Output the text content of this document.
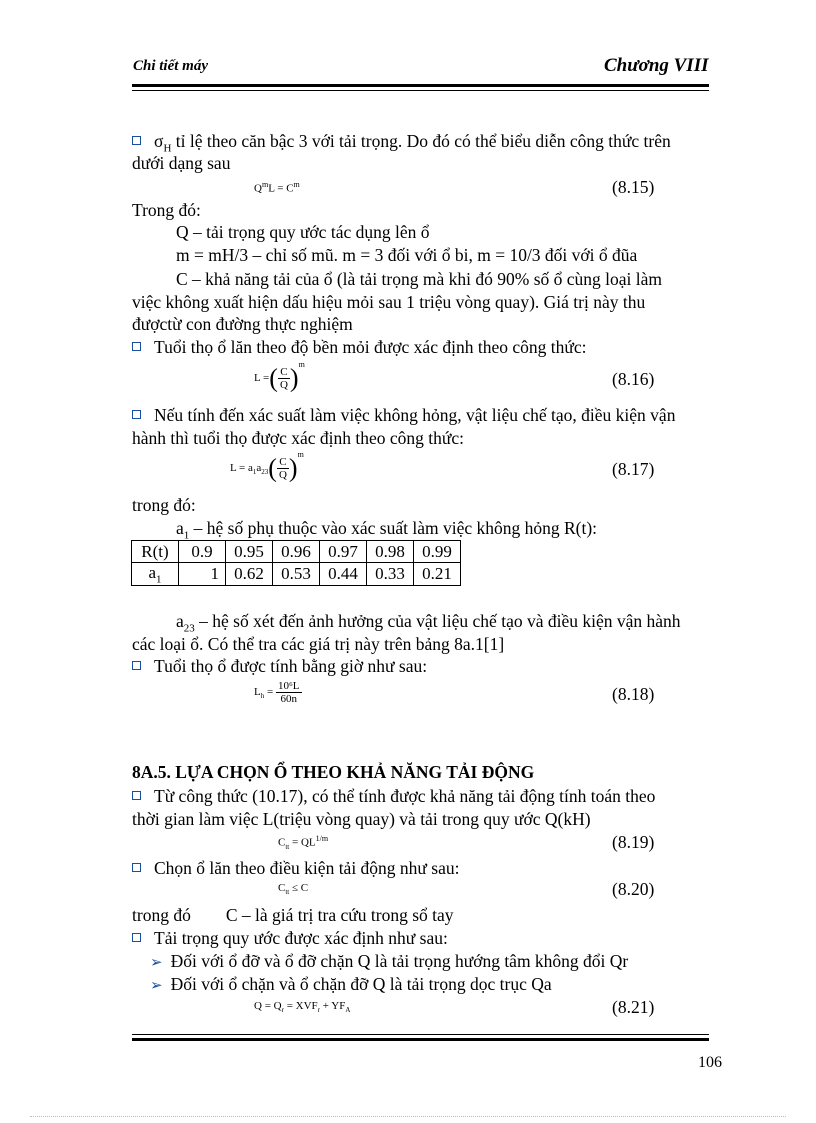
Chi tiết máy	Chương VIII
$\sigma_H$ tỉ lệ theo căn bậc 3 với tải trọng. Do đó có thể biểu diễn công thức trên
dưới dạng sau
$Q^mL = C^m$	(8.15)
Trong đó:
Q – tải trọng quy ước tác dụng lên ổ
m = mH/3 – chỉ số mũ. m = 3 đối với ổ bi, m = 10/3 đối với ổ đũa
C – khả năng tải của ổ (là tải trọng mà khi đó 90% số ổ cùng loại làm
việc không xuất hiện dấu hiệu mỏi sau 1 triệu vòng quay). Giá trị này thu
đượctừ con đường thực nghiệm
Tuổi thọ ổ lăn theo độ bền mỏi được xác định theo công thức:
L =( $\frac{C}{Q} )^m$
(8.16)
Nếu tính đến xác suất làm việc không hỏng, vật liệu chế tạo, điều kiện vận
hành thì tuổi thọ được xác định theo công thức:
$L = a_1a_{23}( \frac{C}{Q} )^m$
(8.17)
trong đó:
$a_1$ – hệ số phụ thuộc vào xác suất làm việc không hỏng R(t):
R(t)	0.9	0.95	0.96	0.97	0.98	0.99
$a_1$	1	0.62	0.53	0.44	0.33	0.21
$a_{23}$ – hệ số xét đến ảnh hưởng của vật liệu chế tạo và điều kiện vận hành
các loại ổ. Có thể tra các giá trị này trên bảng 8a.1[1]
Tuổi thọ ổ được tính bằng giờ như sau:
$L_h = \frac{\text{10⁶L}}{60n}$	(8.18)
8A.5. LỰA CHỌN Ổ THEO KHẢ NĂNG TẢI ĐỘNG
Từ công thức (10.17), có thể tính được khả năng tải động tính toán theo
thời gian làm việc L(triệu vòng quay) và tải trong quy ước Q(kH)
$C_{tt} = QL^{1/m}$	(8.19)
Chọn ổ lăn theo điều kiện tải động như sau:
$C_{tt} \le C$	(8.20)
trong đó C – là giá trị tra cứu trong sổ tay
Tải trọng quy ước được xác định như sau:
➢ Đối với ổ đỡ và ổ đỡ chặn Q là tải trọng hướng tâm không đổi Qr
➢ Đối với ổ chặn và ổ chặn đỡ Q là tải trọng dọc trục Qa
$Q = Q_r = XVF_r + YF_A$	(8.21)
106
